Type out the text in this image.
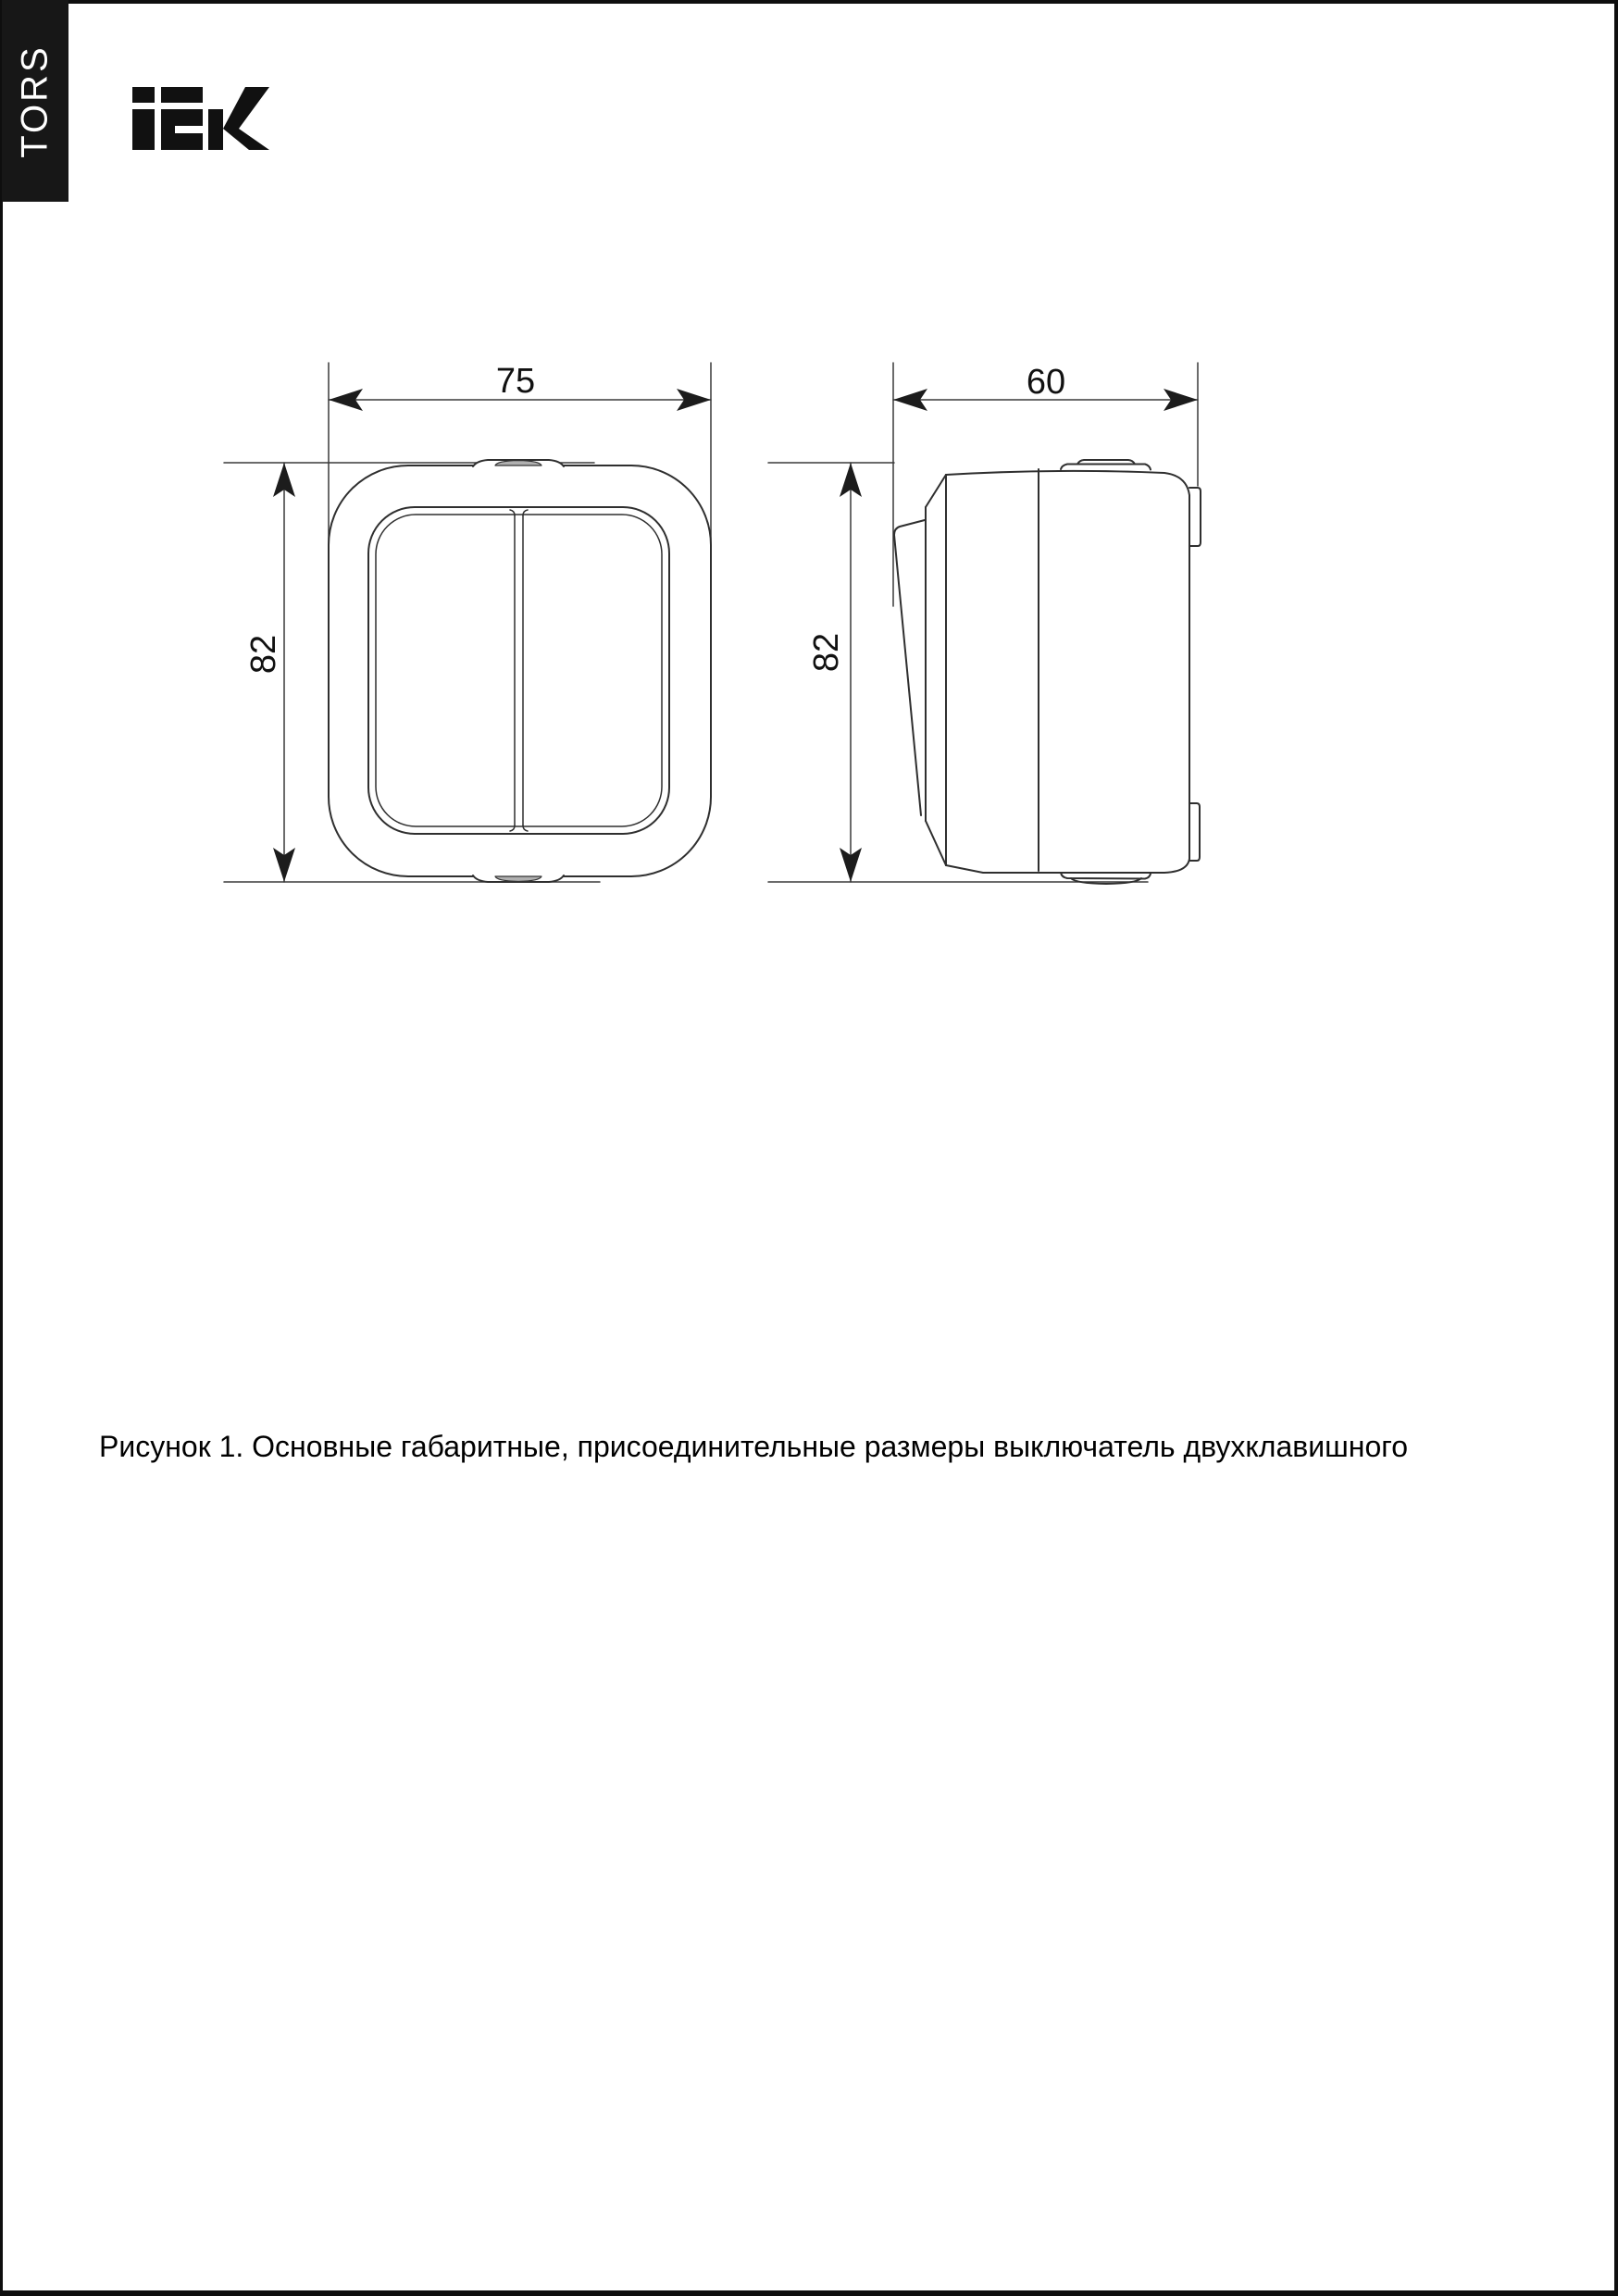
TORS
75
82
60
82
Рисунок 1. Основные габаритные, присоединительные размеры выключатель двухклавишного
